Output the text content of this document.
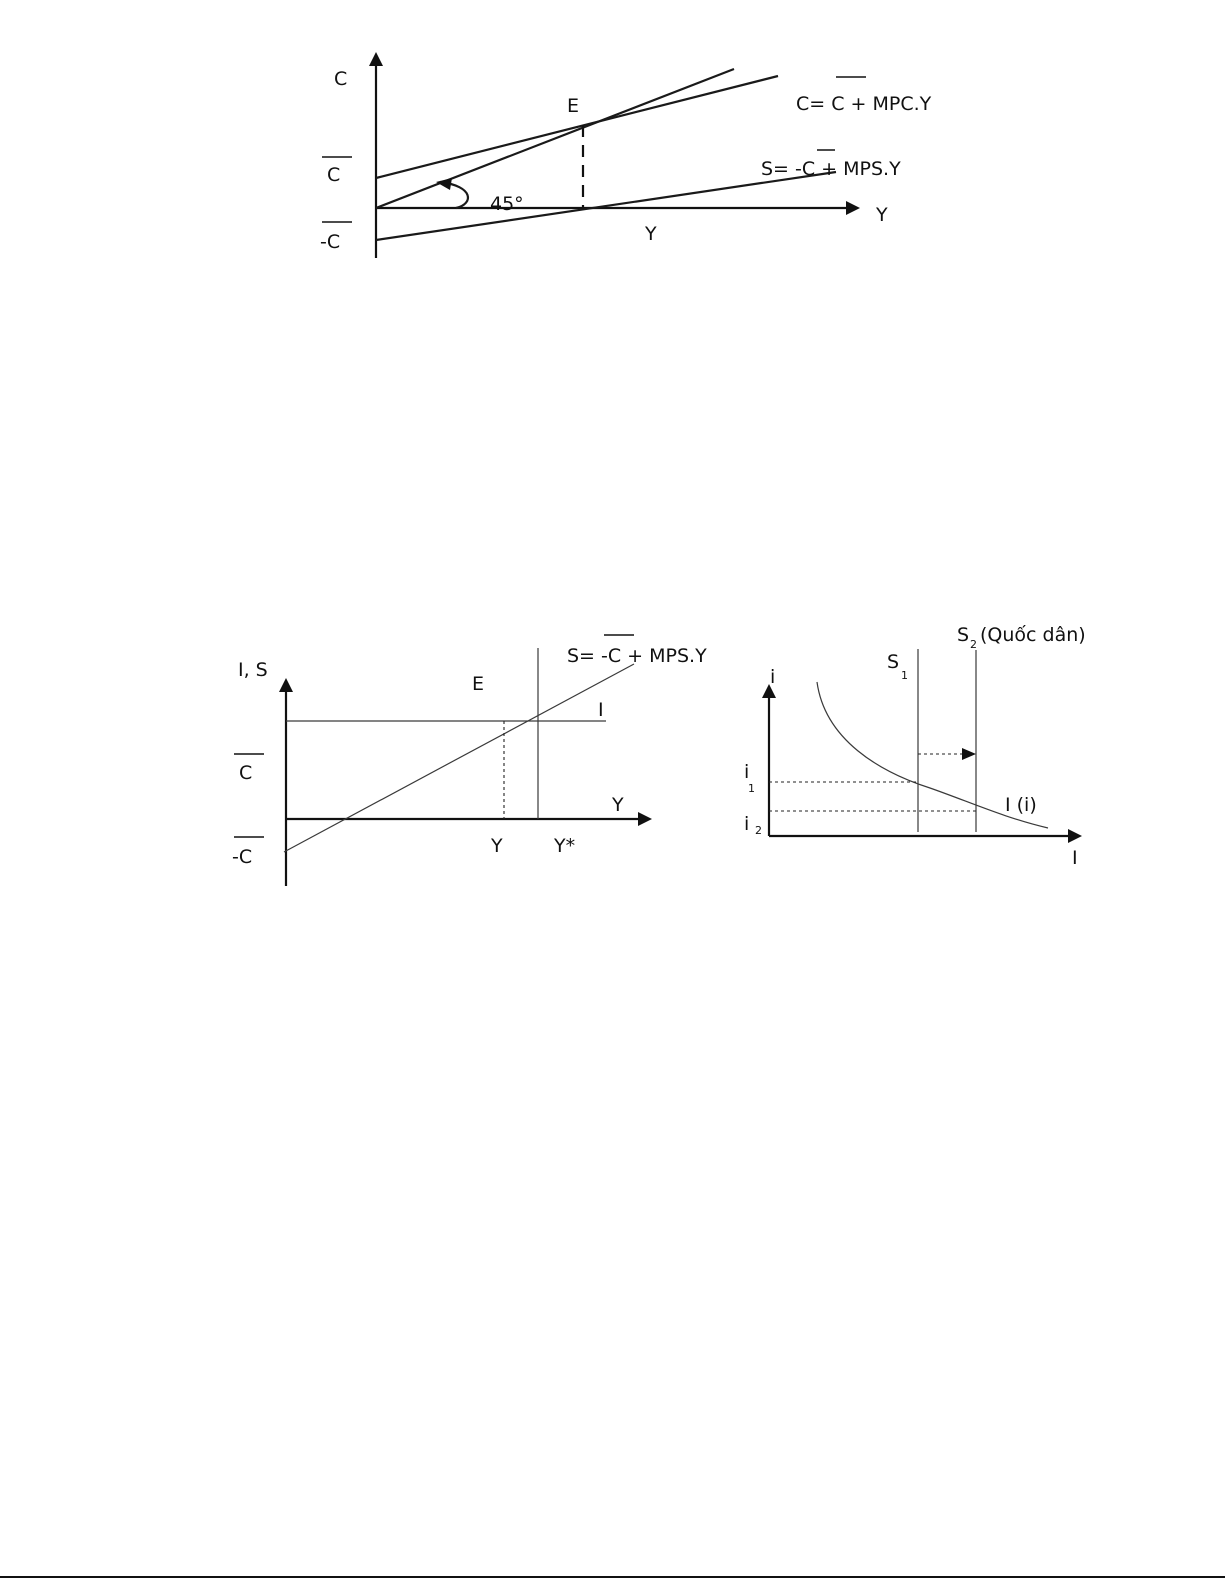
C
Y
C
-C
E
Y
45°
C= C + MPC.Y
S= -C + MPS.Y
I, S
Y
C
-C
E
I
Y	Y*
S= -C + MPS.Y
i
I
S
1
S 2 (Quốc dân)
i
1
i 2
I (i)
